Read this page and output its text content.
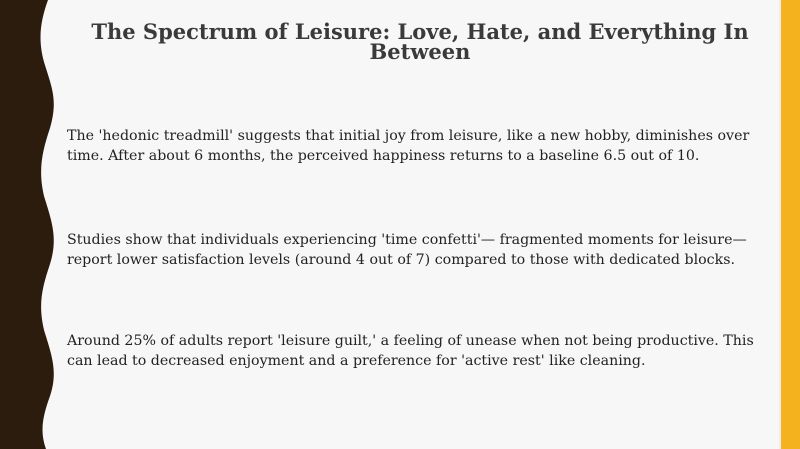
The Spectrum of Leisure: Love, Hate, and Everything In Between

The 'hedonic treadmill' suggests that initial joy from leisure, like a new hobby, diminishes over time. After about 6 months, the perceived happiness returns to a baseline 6.5 out of 10.

Studies show that individuals experiencing 'time confetti'— fragmented moments for leisure—report lower satisfaction levels (around 4 out of 7) compared to those with dedicated blocks.

Around 25% of adults report 'leisure guilt,' a feeling of unease when not being productive. This can lead to decreased enjoyment and a preference for 'active rest' like cleaning.
